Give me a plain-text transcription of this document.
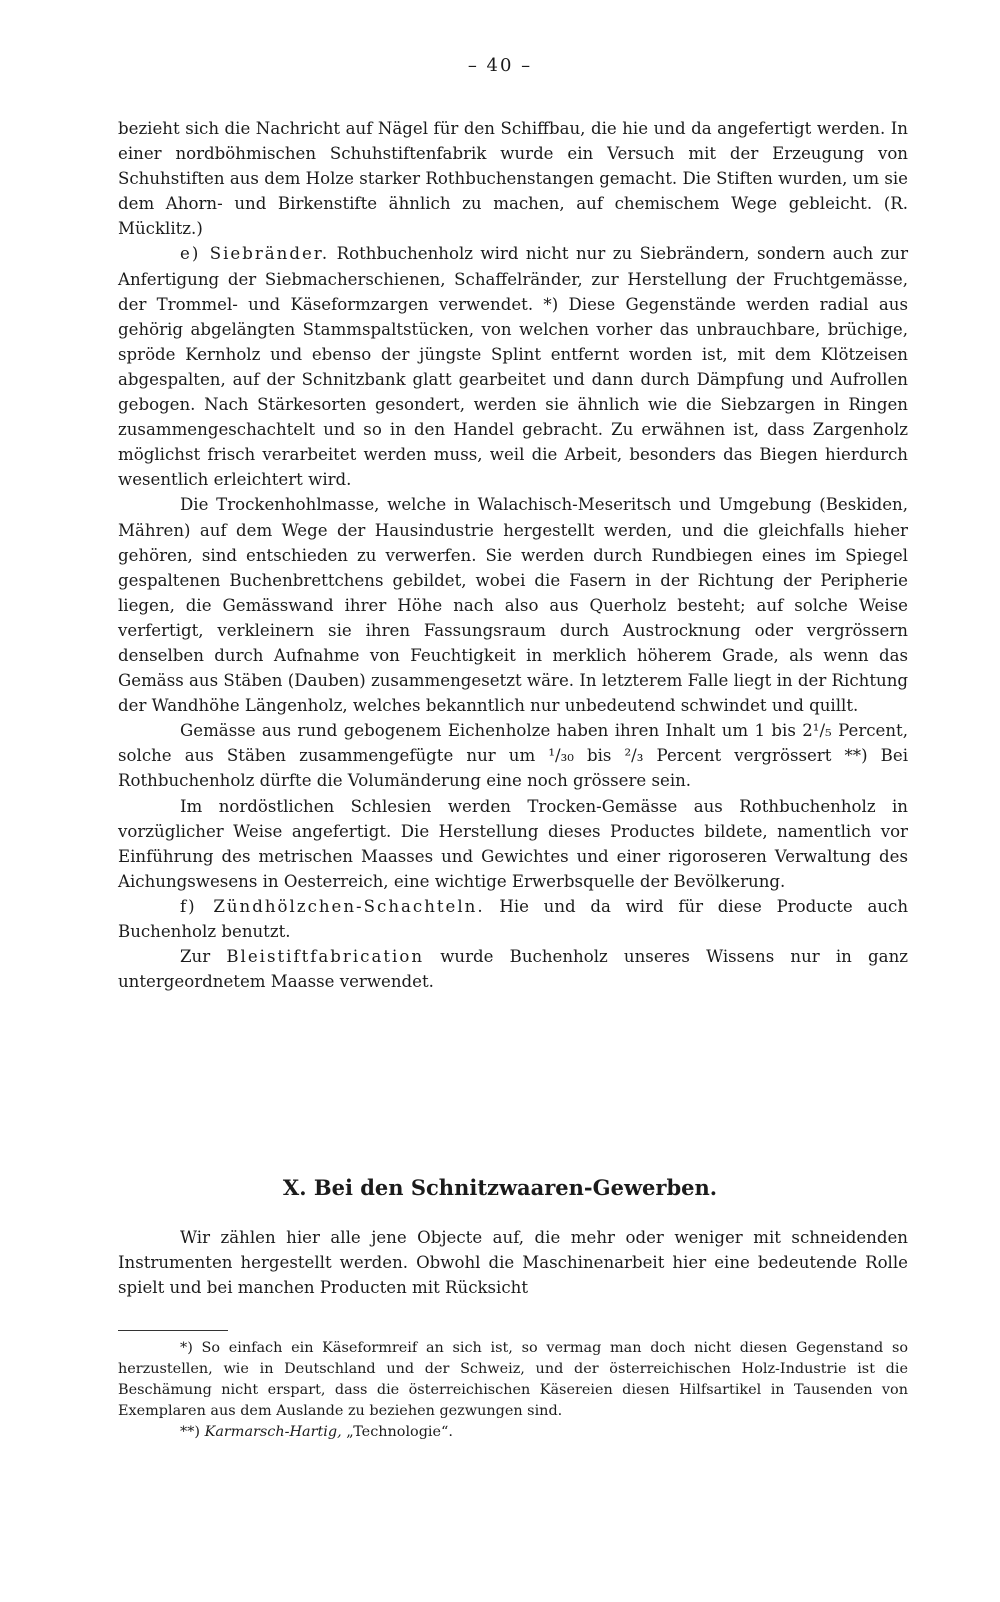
– 40 –

bezieht sich die Nachricht auf Nägel für den Schiffbau, die hie und da angefertigt werden. In einer nordböhmischen Schuhstiftenfabrik wurde ein Versuch mit der Erzeugung von Schuhstiften aus dem Holze starker Rothbuchenstangen gemacht. Die Stiften wurden, um sie dem Ahorn- und Birkenstifte ähnlich zu machen, auf chemischem Wege gebleicht. (R. Mücklitz.)

e) Siebränder. Rothbuchenholz wird nicht nur zu Siebrändern, sondern auch zur Anfertigung der Siebmacherschienen, Schaffelränder, zur Herstellung der Fruchtgemässe, der Trommel- und Käseformzargen verwendet. *) Diese Gegenstände werden radial aus gehörig abgelängten Stammspaltstücken, von welchen vorher das unbrauchbare, brüchige, spröde Kernholz und ebenso der jüngste Splint entfernt worden ist, mit dem Klötzeisen abgespalten, auf der Schnitzbank glatt gearbeitet und dann durch Dämpfung und Aufrollen gebogen. Nach Stärkesorten gesondert, werden sie ähnlich wie die Siebzargen in Ringen zusammengeschachtelt und so in den Handel gebracht. Zu erwähnen ist, dass Zargenholz möglichst frisch verarbeitet werden muss, weil die Arbeit, besonders das Biegen hierdurch wesentlich erleichtert wird.

Die Trockenhohlmasse, welche in Walachisch-Meseritsch und Umgebung (Beskiden, Mähren) auf dem Wege der Hausindustrie hergestellt werden, und die gleichfalls hieher gehören, sind entschieden zu verwerfen. Sie werden durch Rundbiegen eines im Spiegel gespaltenen Buchenbrettchens gebildet, wobei die Fasern in der Richtung der Peripherie liegen, die Gemässwand ihrer Höhe nach also aus Querholz besteht; auf solche Weise verfertigt, verkleinern sie ihren Fassungsraum durch Austrocknung oder vergrössern denselben durch Aufnahme von Feuchtigkeit in merklich höherem Grade, als wenn das Gemäss aus Stäben (Dauben) zusammengesetzt wäre. In letzterem Falle liegt in der Richtung der Wandhöhe Längenholz, welches bekanntlich nur unbedeutend schwindet und quillt.

Gemässe aus rund gebogenem Eichenholze haben ihren Inhalt um 1 bis 2¹/₅ Percent, solche aus Stäben zusammengefügte nur um ¹/₃₀ bis ²/₃ Percent vergrössert **) Bei Rothbuchenholz dürfte die Volumänderung eine noch grössere sein.

Im nordöstlichen Schlesien werden Trocken-Gemässe aus Rothbuchenholz in vorzüglicher Weise angefertigt. Die Herstellung dieses Productes bildete, namentlich vor Einführung des metrischen Maasses und Gewichtes und einer rigoroseren Verwaltung des Aichungswesens in Oesterreich, eine wichtige Erwerbsquelle der Bevölkerung.

f) Zündhölzchen-Schachteln. Hie und da wird für diese Producte auch Buchenholz benutzt.

Zur Bleistiftfabrication wurde Buchenholz unseres Wissens nur in ganz untergeordnetem Maasse verwendet.

X. Bei den Schnitzwaaren-Gewerben.

Wir zählen hier alle jene Objecte auf, die mehr oder weniger mit schneidenden Instrumenten hergestellt werden. Obwohl die Maschinenarbeit hier eine bedeutende Rolle spielt und bei manchen Producten mit Rücksicht

*) So einfach ein Käseformreif an sich ist, so vermag man doch nicht diesen Gegenstand so herzustellen, wie in Deutschland und der Schweiz, und der österreichischen Holz-Industrie ist die Beschämung nicht erspart, dass die österreichischen Käsereien diesen Hilfsartikel in Tausenden von Exemplaren aus dem Auslande zu beziehen gezwungen sind.

**) Karmarsch-Hartig, „Technologie“.
